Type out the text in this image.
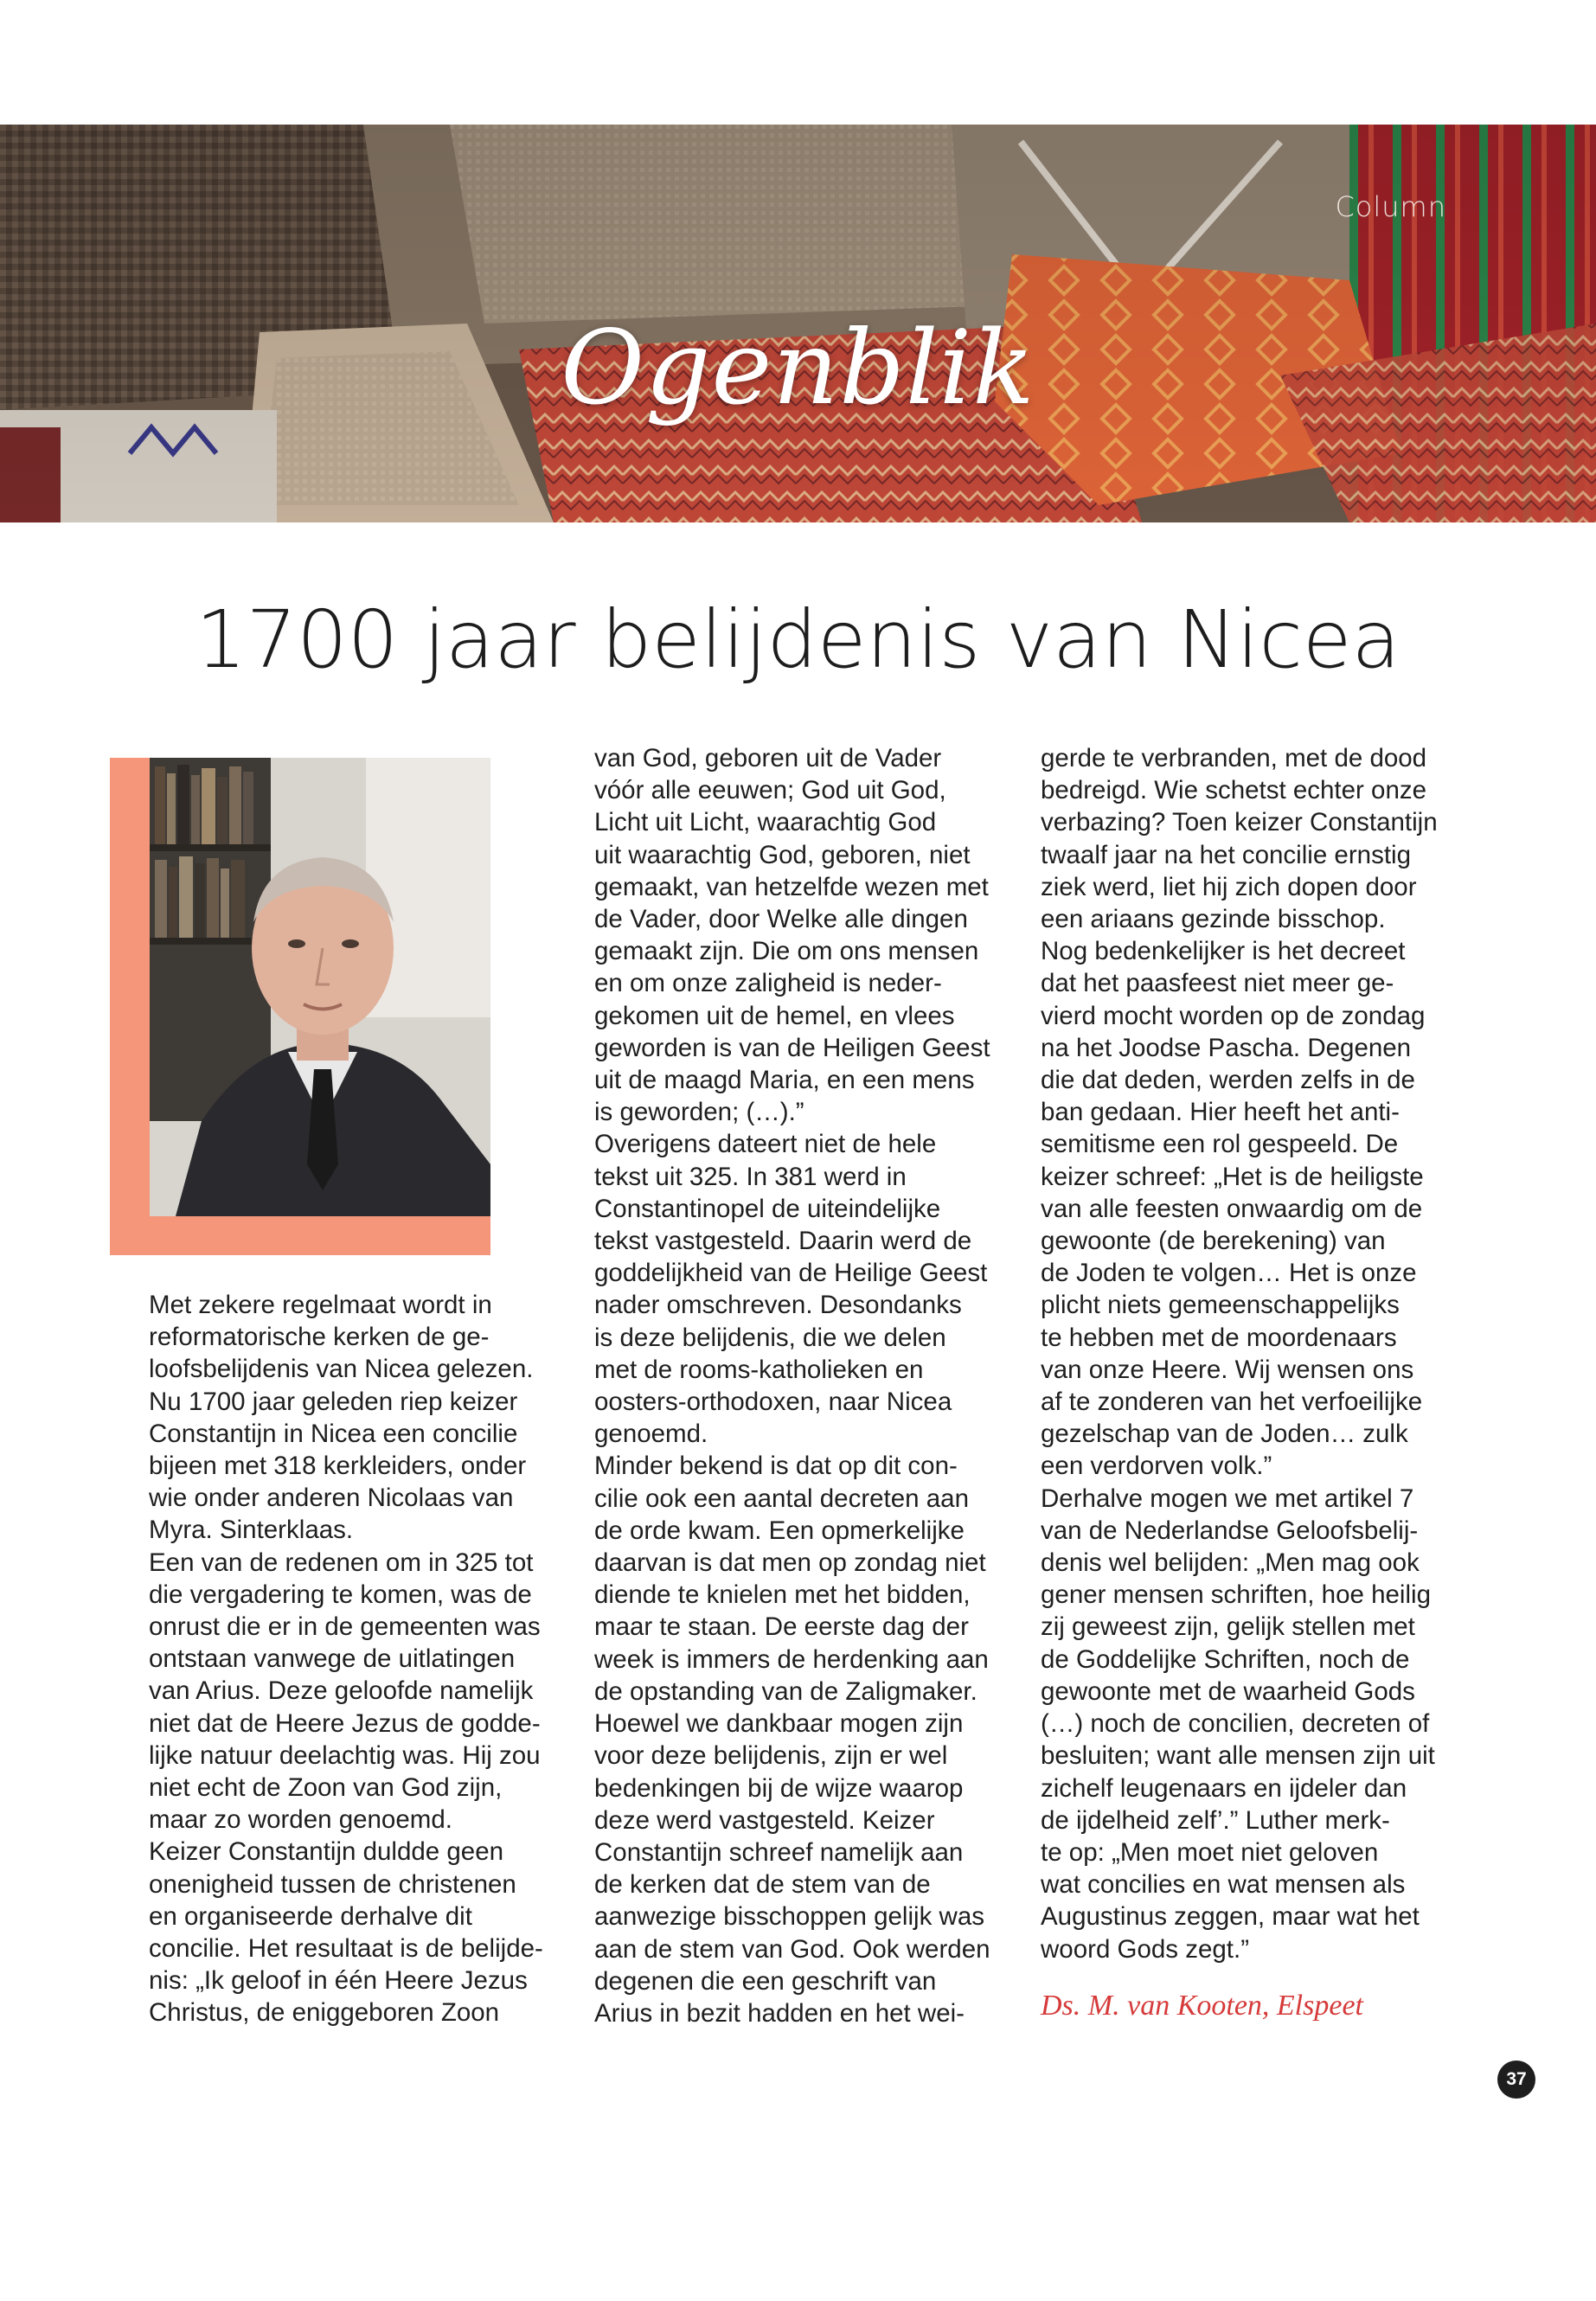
Column

Ogenblik
1700 jaar belijdenis van Nicea

Met zekere regelmaat wordt in

reformatorische kerken de ge-

loofsbelijdenis van Nicea gelezen.

Nu 1700 jaar geleden riep keizer

Constantijn in Nicea een concilie

bijeen met 318 kerkleiders, onder

wie onder anderen Nicolaas van

Myra. Sinterklaas.

Een van de redenen om in 325 tot

die vergadering te komen, was de

onrust die er in de gemeenten was

ontstaan vanwege de uitlatingen

van Arius. Deze geloofde namelijk

niet dat de Heere Jezus de godde-

lijke natuur deelachtig was. Hij zou

niet echt de Zoon van God zijn,

maar zo worden genoemd.

Keizer Constantijn duldde geen

onenigheid tussen de christenen

en organiseerde derhalve dit

concilie. Het resultaat is de belijde-

nis: „Ik geloof in één Heere Jezus

Christus, de eniggeboren Zoon

van God, geboren uit de Vader

vóór alle eeuwen; God uit God,

Licht uit Licht, waarachtig God

uit waarachtig God, geboren, niet

gemaakt, van hetzelfde wezen met

de Vader, door Welke alle dingen

gemaakt zijn. Die om ons mensen

en om onze zaligheid is neder-

gekomen uit de hemel, en vlees

geworden is van de Heiligen Geest

uit de maagd Maria, en een mens

is geworden; (…).”

Overigens dateert niet de hele

tekst uit 325. In 381 werd in

Constantinopel de uiteindelijke

tekst vastgesteld. Daarin werd de

goddelijkheid van de Heilige Geest

nader omschreven. Desondanks

is deze belijdenis, die we delen

met de rooms-katholieken en

oosters-orthodoxen, naar Nicea

genoemd.

Minder bekend is dat op dit con-

cilie ook een aantal decreten aan

de orde kwam. Een opmerkelijke

daarvan is dat men op zondag niet

diende te knielen met het bidden,

maar te staan. De eerste dag der

week is immers de herdenking aan

de opstanding van de Zaligmaker.

Hoewel we dankbaar mogen zijn

voor deze belijdenis, zijn er wel

bedenkingen bij de wijze waarop

deze werd vastgesteld. Keizer

Constantijn schreef namelijk aan

de kerken dat de stem van de

aanwezige bisschoppen gelijk was

aan de stem van God. Ook werden

degenen die een geschrift van

Arius in bezit hadden en het wei-

gerde te verbranden, met de dood

bedreigd. Wie schetst echter onze

verbazing? Toen keizer Constantijn

twaalf jaar na het concilie ernstig

ziek werd, liet hij zich dopen door

een ariaans gezinde bisschop.

Nog bedenkelijker is het decreet

dat het paasfeest niet meer ge-

vierd mocht worden op de zondag

na het Joodse Pascha. Degenen

die dat deden, werden zelfs in de

ban gedaan. Hier heeft het anti-

semitisme een rol gespeeld. De

keizer schreef: „Het is de heiligste

van alle feesten onwaardig om de

gewoonte (de berekening) van

de Joden te volgen… Het is onze

plicht niets gemeenschappelijks

te hebben met de moordenaars

van onze Heere. Wij wensen ons

af te zonderen van het verfoeilijke

gezelschap van de Joden… zulk

een verdorven volk.”

Derhalve mogen we met artikel 7

van de Nederlandse Geloofsbelij-

denis wel belijden: „Men mag ook

gener mensen schriften, hoe heilig

zij geweest zijn, gelijk stellen met

de Goddelijke Schriften, noch de

gewoonte met de waarheid Gods

(…) noch de concilien, decreten of

besluiten; want alle mensen zijn uit

zichelf leugenaars en ijdeler dan

de ijdelheid zelf’.” Luther merk-

te op: „Men moet niet geloven

wat concilies en wat mensen als

Augustinus zeggen, maar wat het

woord Gods zegt.”

Ds. M. van Kooten, Elspeet

37
